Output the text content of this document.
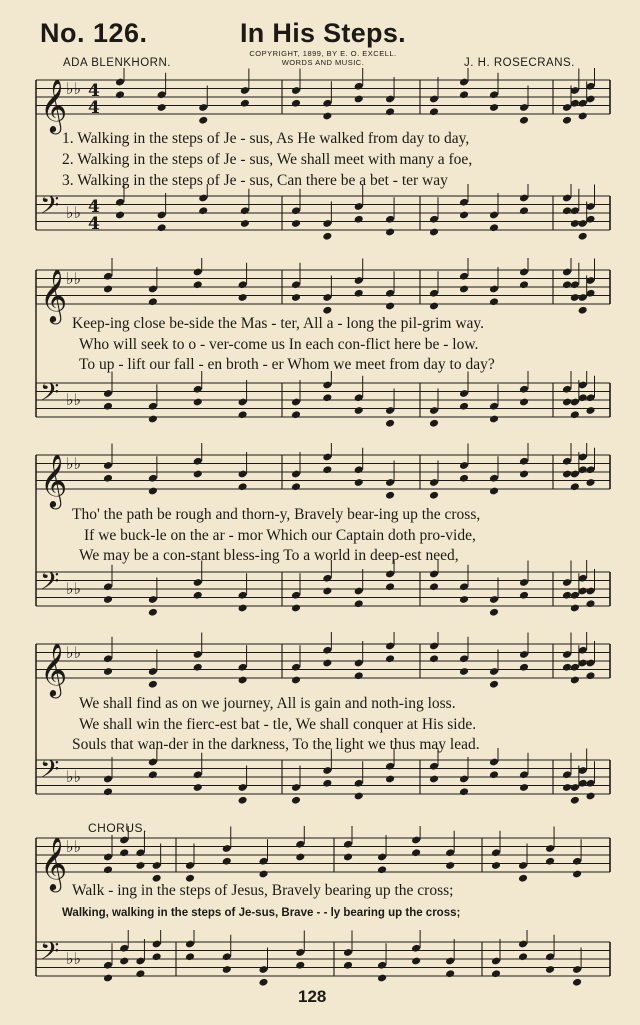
No. 126.	In His Steps.
COPYRIGHT, 1899, BY E. O. EXCELL.
WORDS AND MUSIC.
ADA BLENKHORN.	J. H. ROSECRANS.
𝄞
♭♭ 4
4
𝄢 ♭♭ 4
4
𝄞
♭♭
𝄢 ♭♭
𝄞
♭♭
𝄢 ♭♭
𝄞
♭♭
𝄢 ♭♭
𝄞
♭♭
𝄢 ♭♭
1. Walking in the steps of Je - sus, As He walked from day to day,
2. Walking in the steps of Je - sus, We shall meet with many a foe,
3. Walking in the steps of Je - sus, Can there be a bet - ter way
Keep-ing close be-side the Mas - ter, All a - long the pil-grim way.
Who will seek to o - ver-come us In each con-flict here be - low.
To up - lift our fall - en broth - er Whom we meet from day to day?
Tho' the path be rough and thorn-y, Bravely bear-ing up the cross,
If we buck-le on the ar - mor Which our Captain doth pro-vide,
We may be a con-stant bless-ing To a world in deep-est need,
We shall find as on we journey, All is gain and noth-ing loss.
We shall win the fierc-est bat - tle, We shall conquer at His side.
Souls that wan-der in the darkness, To the light we thus may lead.
CHORUS.
Walk - ing in the steps of Jesus, Bravely bearing up the cross;
Walking, walking in the steps of Je-sus, Brave - - ly bearing up the cross;
128
